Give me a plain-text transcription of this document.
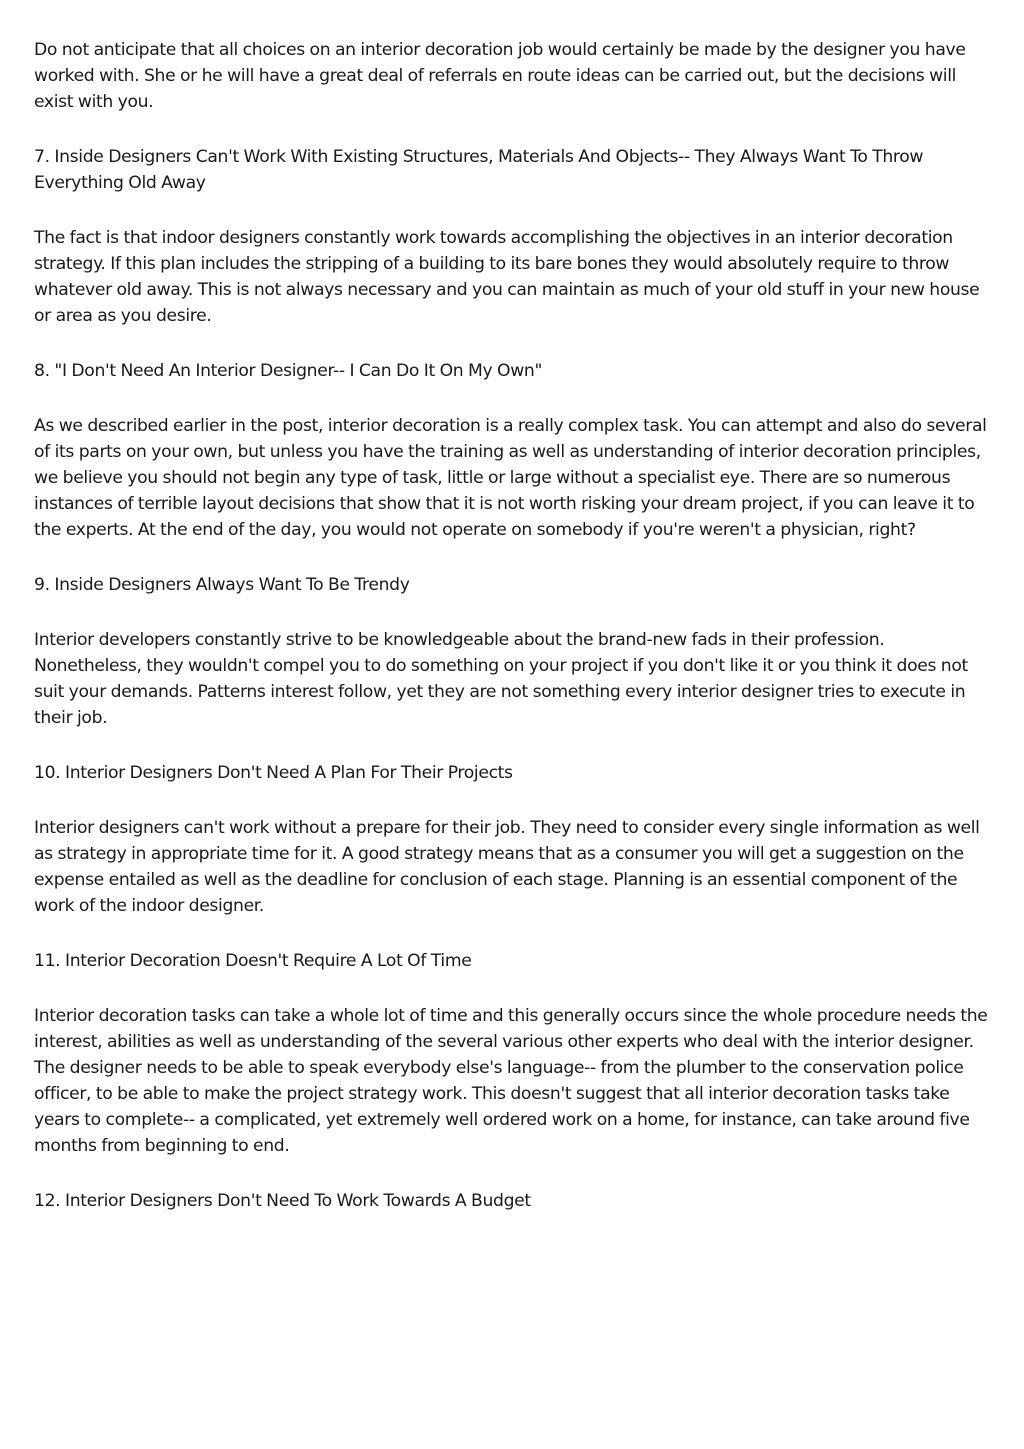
Do not anticipate that all choices on an interior decoration job would certainly be made by the designer you have worked with. She or he will have a great deal of referrals en route ideas can be carried out, but the decisions will exist with you.

7. Inside Designers Can't Work With Existing Structures, Materials And Objects-- They Always Want To Throw Everything Old Away

The fact is that indoor designers constantly work towards accomplishing the objectives in an interior decoration strategy. If this plan includes the stripping of a building to its bare bones they would absolutely require to throw whatever old away. This is not always necessary and you can maintain as much of your old stuff in your new house or area as you desire.

8. "I Don't Need An Interior Designer-- I Can Do It On My Own"

As we described earlier in the post, interior decoration is a really complex task. You can attempt and also do several of its parts on your own, but unless you have the training as well as understanding of interior decoration principles, we believe you should not begin any type of task, little or large without a specialist eye. There are so numerous instances of terrible layout decisions that show that it is not worth risking your dream project, if you can leave it to the experts. At the end of the day, you would not operate on somebody if you're weren't a physician, right?

9. Inside Designers Always Want To Be Trendy

Interior developers constantly strive to be knowledgeable about the brand-new fads in their profession. Nonetheless, they wouldn't compel you to do something on your project if you don't like it or you think it does not suit your demands. Patterns interest follow, yet they are not something every interior designer tries to execute in their job.

10. Interior Designers Don't Need A Plan For Their Projects

Interior designers can't work without a prepare for their job. They need to consider every single information as well as strategy in appropriate time for it. A good strategy means that as a consumer you will get a suggestion on the expense entailed as well as the deadline for conclusion of each stage. Planning is an essential component of the work of the indoor designer.

11. Interior Decoration Doesn't Require A Lot Of Time

Interior decoration tasks can take a whole lot of time and this generally occurs since the whole procedure needs the interest, abilities as well as understanding of the several various other experts who deal with the interior designer. The designer needs to be able to speak everybody else's language-- from the plumber to the conservation police officer, to be able to make the project strategy work. This doesn't suggest that all interior decoration tasks take years to complete-- a complicated, yet extremely well ordered work on a home, for instance, can take around five months from beginning to end.

12. Interior Designers Don't Need To Work Towards A Budget
